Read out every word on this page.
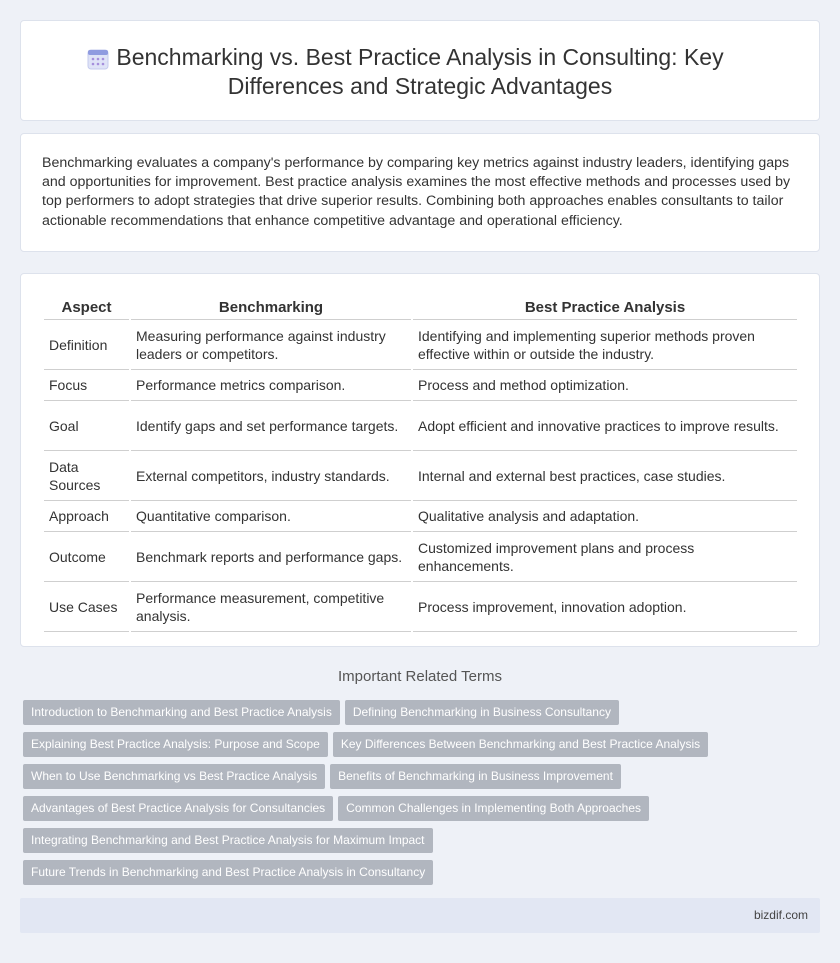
Benchmarking vs. Best Practice Analysis in Consulting: Key
Differences and Strategic Advantages

Benchmarking evaluates a company's performance by comparing key metrics against industry leaders, identifying gaps and opportunities for improvement. Best practice analysis examines the most effective methods and processes used by top performers to adopt strategies that drive superior results. Combining both approaches enables consultants to tailor actionable recommendations that enhance competitive advantage and operational efficiency.

Aspect	Benchmarking	Best Practice Analysis
Definition	Measuring performance against industry leaders or competitors.	Identifying and implementing superior methods proven effective within or outside the industry.
Focus	Performance metrics comparison.	Process and method optimization.
Goal	Identify gaps and set performance targets.	Adopt efficient and innovative practices to improve results.
Data Sources	External competitors, industry standards.	Internal and external best practices, case studies.
Approach	Quantitative comparison.	Qualitative analysis and adaptation.
Outcome	Benchmark reports and performance gaps.	Customized improvement plans and process enhancements.
Use Cases	Performance measurement, competitive analysis.	Process improvement, innovation adoption.
Important Related Terms
Introduction to Benchmarking and Best Practice Analysis Defining Benchmarking in Business Consultancy
Explaining Best Practice Analysis: Purpose and Scope Key Differences Between Benchmarking and Best Practice Analysis
When to Use Benchmarking vs Best Practice Analysis Benefits of Benchmarking in Business Improvement
Advantages of Best Practice Analysis for Consultancies Common Challenges in Implementing Both Approaches
Integrating Benchmarking and Best Practice Analysis for Maximum Impact
Future Trends in Benchmarking and Best Practice Analysis in Consultancy
bizdif.com
